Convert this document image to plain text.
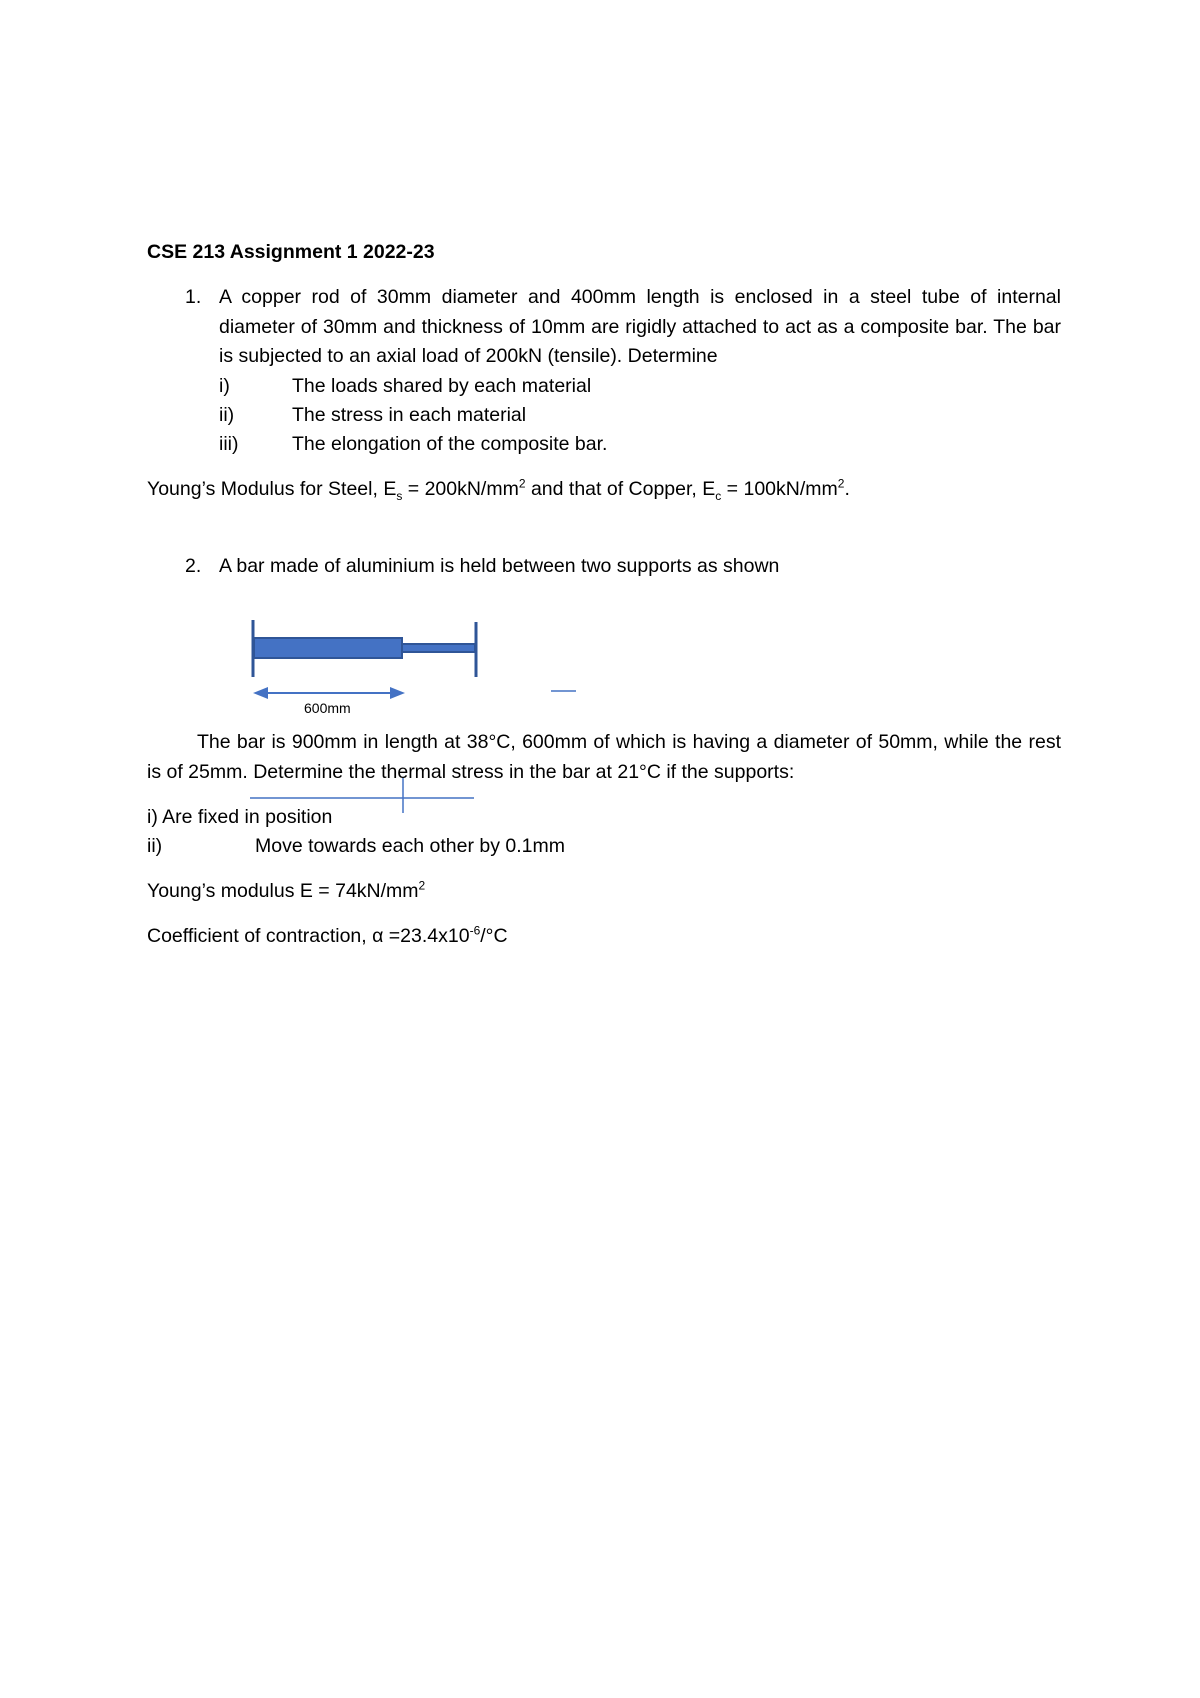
CSE 213 Assignment 1 2022-23
1. A copper rod of 30mm diameter and 400mm length is enclosed in a steel tube of internal diameter of 30mm and thickness of 10mm are rigidly attached to act as a composite bar. The bar is subjected to an axial load of 200kN (tensile). Determine
i)	The loads shared by each material
ii)	The stress in each material
iii)	The elongation of the composite bar.
Young’s Modulus for Steel, $E_s = 200kN/mm^2$ and that of Copper, $E_c = 100kN/mm^2$.
2. A bar made of aluminium is held between two supports as shown
600mm
The bar is 900mm in length at 38°C, 600mm of which is having a diameter of 50mm, while the rest is of 25mm. Determine the thermal stress in the bar at 21°C if the supports:
i) Are fixed in position
ii)	Move towards each other by 0.1mm
Young’s modulus $E = 74kN/mm^2$
Coefficient of contraction, $\alpha =23.4x10^{-6}/^\circ C$
